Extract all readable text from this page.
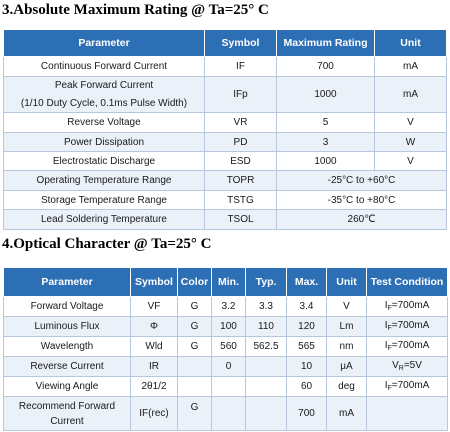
3.Absolute Maximum Rating @ Ta=25° C
Parameter	Symbol	Maximum Rating	Unit
Continuous Forward Current	IF	700	mA

Peak Forward Current
(1/10 Duty Cycle, 0.1ms Pulse Width)	IFp	1000	mA
Reverse Voltage	VR	5	V
Power Dissipation	PD	3	W
Electrostatic Discharge	ESD	1000	V
Operating Temperature Range	TOPR	-25°C to +60°C	
Storage Temperature Range	TSTG	-35°C to +80°C	
Lead Soldering Temperature	TSOL	260℃	
4.Optical Character @ Ta=25° C
Parameter	Symbol	Color	Min.	Typ.	Max.	Unit	Test Condition
Forward Voltage	VF	G	3.2	3.3	3.4	V	$I_F=700mA$
Luminous Flux	Φ	G	100	110	120	Lm	$I_F=700mA$
Wavelength	Wld	G	560	562.5	565	nm	$I_F=700mA$
Reverse Current	IR		0		10	μA	$V_R=5V$
Viewing Angle	2θ1/2				60	deg	$I_F=700mA$

Recommend Forward
Current	IF(rec)	G			700	mA	
